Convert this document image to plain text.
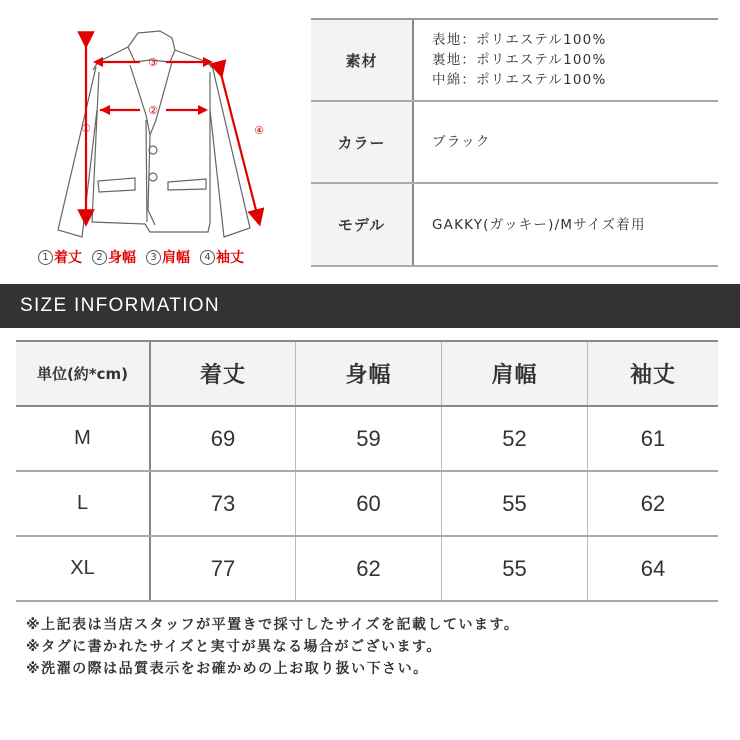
③
②
①	④
1 着丈	2 身幅	3 肩幅	4 袖丈
素材
表地：ポリエステル100%
裏地：ポリエステル100%
中綿：ポリエステル100%
カラー	ブラック
モデル	GAKKY(ガッキー)/Mサイズ着用
SIZE INFORMATION
単位(約*cm)	着丈	身幅	肩幅	袖丈
M	69	59	52	61
L	73	60	55	62
XL	77	62	55	64
※上記表は当店スタッフが平置きで採寸したサイズを記載しています。
※タグに書かれたサイズと実寸が異なる場合がございます。
※洗濯の際は品質表示をお確かめの上お取り扱い下さい。
